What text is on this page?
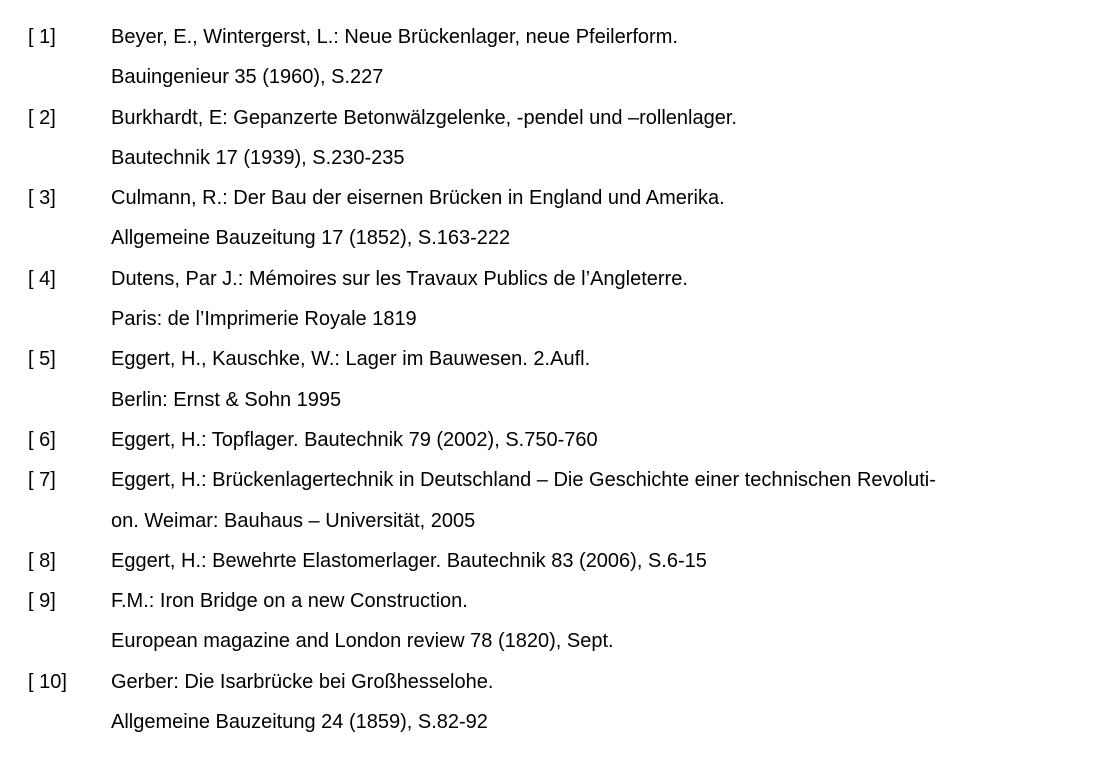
[ 1]	Beyer, E., Wintergerst, L.: Neue Brückenlager, neue Pfeilerform.
Bauingenieur 35 (1960), S.227
[ 2]	Burkhardt, E: Gepanzerte Betonwälzgelenke, -pendel und –rollenlager.
Bautechnik 17 (1939), S.230-235
[ 3]	Culmann, R.: Der Bau der eisernen Brücken in England und Amerika.
Allgemeine Bauzeitung 17 (1852), S.163-222
[ 4]	Dutens, Par J.: Mémoires sur les Travaux Publics de l’Angleterre.
Paris: de l’Imprimerie Royale 1819
[ 5]	Eggert, H., Kauschke, W.: Lager im Bauwesen. 2.Aufl.
Berlin: Ernst & Sohn 1995
[ 6]	Eggert, H.: Topflager. Bautechnik 79 (2002), S.750-760
[ 7]	Eggert, H.: Brückenlagertechnik in Deutschland – Die Geschichte einer technischen Revoluti-
on. Weimar: Bauhaus – Universität, 2005
[ 8]	Eggert, H.: Bewehrte Elastomerlager. Bautechnik 83 (2006), S.6-15
[ 9]	F.M.: Iron Bridge on a new Construction.
European magazine and London review 78 (1820), Sept.
[ 10] Gerber: Die Isarbrücke bei Großhesselohe.
Allgemeine Bauzeitung 24 (1859), S.82-92
